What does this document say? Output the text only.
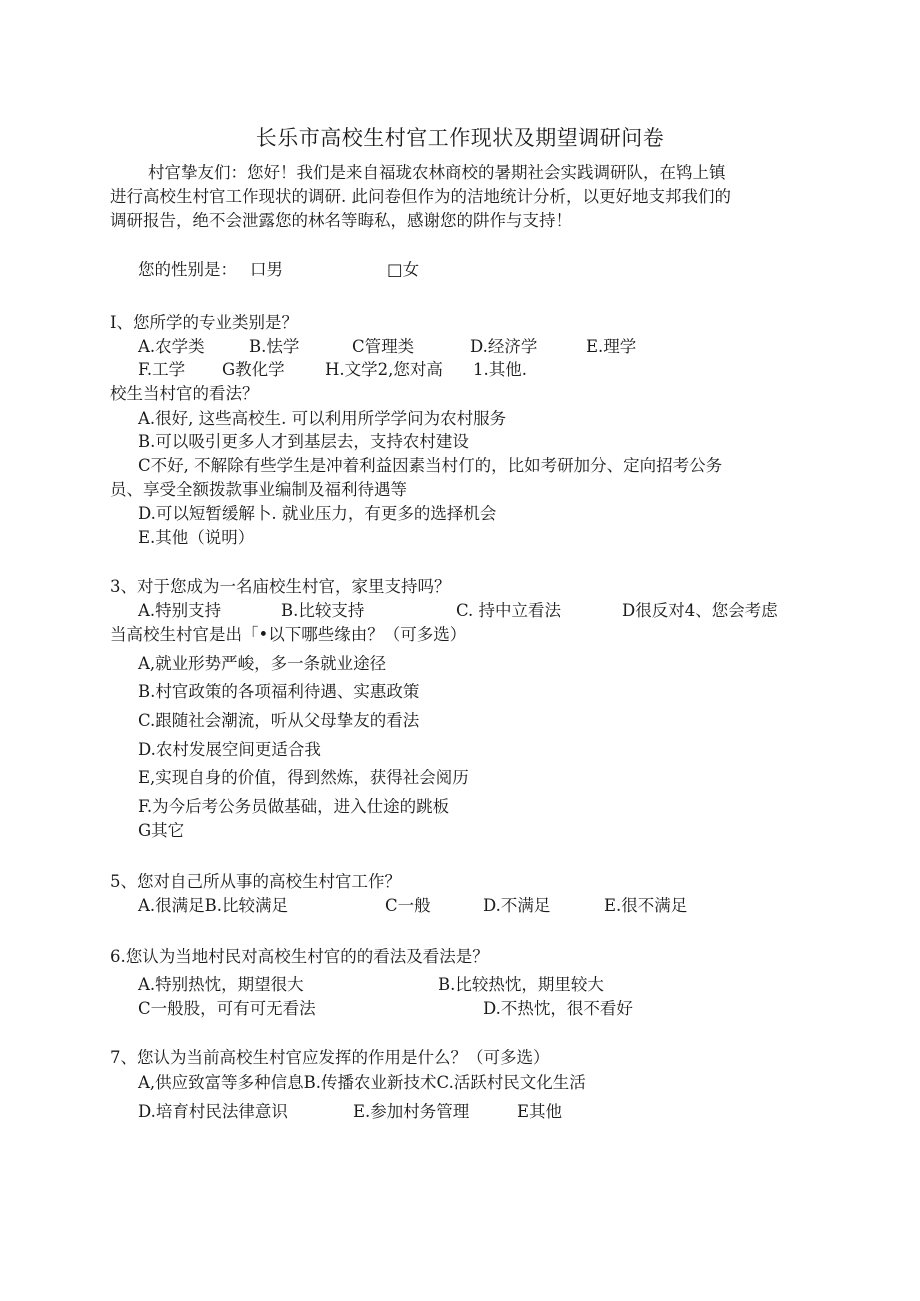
长乐市高校生村官工作现状及期望调研问卷
村官挚友们：您好！我们是来自福珑农林商校的暑期社会实践调研队，在鸨上镇
进行高校生村官工作现状的调研. 此问卷但作为的洁地统计分析，以更好地支邦我们的
调研报告，绝不会泄露您的林名等晦私，感谢您的阱作与支持！
您的性别是： 口男	□女
I、您所学的专业类别是？
A.农学类	B.怯学	C管理类	D.经济学	E.理学
F.工学 G教化学 H.文学2,您对高 1.其他.
校生当村官的看法？
A.很好, 这些高校生. 可以利用所学学问为农村服务
B.可以吸引更多人才到基层去，支持农村建设
C不好, 不解除有些学生是冲着利益因素当村仃的，比如考研加分、定向招考公务
员、享受全额拨款事业编制及福利待遇等
D.可以短暂缓解卜. 就业压力，有更多的选择机会
E.其他（说明）
3、对于您成为一名庙校生村官，家里支持吗？
A.特别支持	B.比较支持	C. 持中立看法	D很反对4、您会考虑
当高校生村官是出「•以下哪些缘由？（可多选）
A,就业形势严峻，多一条就业途径
B.村官政策的各项福利待遇、实惠政策
C.跟随社会潮流，听从父母挚友的看法
D.农村发展空间更适合我
E,实现自身的价值，得到然炼，获得社会阅历
F.为今后考公务员做基础，进入仕途的跳板
G其它
5、您对自己所从事的高校生村官工作？
A.很满足B.比较满足	C一般	D.不满足	E.很不满足
6.您认为当地村民对高校生村官的的看法及看法是？
A.特别热忱，期望很大	B.比较热忱，期里较大
C一般股，可有可无看法	D.不热忱，很不看好
7、您认为当前高校生村官应发挥的作用是什么？（可多选）
A,供应致富等多种信息B.传播农业新技术C.活跃村民文化生活
D.培育村民法律意识	E.参加村务管理	E其他
